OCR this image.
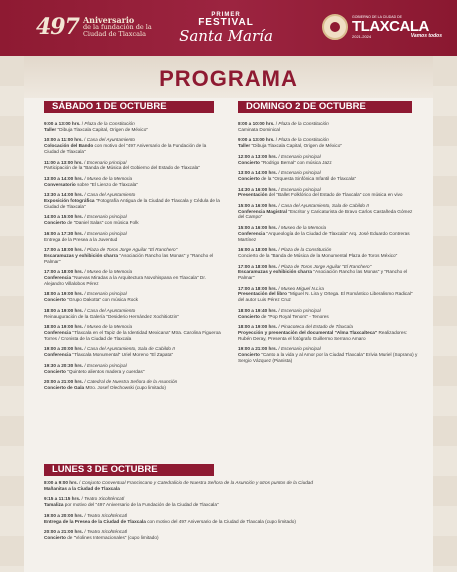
497 Aniversario
de la fundación de la
Ciudad de Tlaxcala
PRIMER
FESTIVAL
Santa María
GOBIERNO DE LA CIUDAD DE
TLAXCALA
2021-2024	Vamos todos
PROGRAMA
SÁBADO 1 DE OCTUBRE	DOMINGO 2 DE OCTUBRE
LUNES 3 DE OCTUBRE
9:00 a 13:00 hrs. / Plaza de la Constitución
Taller "Dibuja Tlaxcala Capital, Origen de México"
10:00 a 11:00 hrs. / Casa del Ayuntamiento
Colocación del Bando con motivo del "497 Aniversario de la Fundación de la Ciudad de Tlaxcala"
11:00 a 13:00 hrs. / Escenario principal
Participación de la "Banda de Música del Gobierno del Estado de Tlaxcala"
13:00 a 14:00 hrs. / Museo de la Memoria
Conversatorio sobre "El Lienzo de Tlaxcala"
13:30 a 14:00 hrs. / Casa del Ayuntamiento
Exposición fotográfica "Fotografía Antigua de la Ciudad de Tlaxcala y Cédula de la Ciudad de Tlaxcala"
14:00 a 15:00 hrs. / Escenario principal
Concierto de "Daniel Salas" con música Folk
16:00 a 17:30 hrs. / Escenario principal
Entrega de la Presea a la Juventud
17:00 a 18:00 hrs. / Plaza de Toros Jorge Aguilar "El Ranchero"
Escaramuzas y exhibición charra "Asociación Rancho las Monas" y "Rancho el Palmar"
17:00 a 18:00 hrs. / Museo de la Memoria
Conferencia "Nuevas Miradas a la Arquitectura Novohispana en Tlaxcala" Dr. Alejandro Villalobos Pérez
18:00 a 19:00 hrs. / Escenario principal
Concierto "Grupo Dakotta" con música Rock
18:00 a 19:00 hrs. / Casa del Ayuntamiento
Reinauguración de la Galería "Desiderio Hernández Xochitiotzin"
18:00 a 19:00 hrs. / Museo de la Memoria
Conferencia "Tlaxcala en el Tapiz de la Identidad Mexicana" Mtra. Carolina Figueroa Torres / Cronista de la Ciudad de Tlaxcala
19:00 a 20:00 hrs. / Casa del Ayuntamiento, Sala de Cabildo II
Conferencia "Tlaxcala Monumental" Uriel Moreno "El Zapata"
19:30 a 20:30 hrs. / Escenario principal
Concierto "Quinteto alientos madera y cuerdas"
20:00 a 21:00 hrs. / Catedral de Nuestra Señora de la Asunción
Concierto de Gala Mtro. Josef Olechowski (cupo limitado)
8:00 a 10:00 hrs. / Plaza de la Constitución
Caminata Dominical
9:00 a 13:00 hrs. / Plaza de la Constitución
Taller "Dibuja Tlaxcala Capital, Origen de México"
12:00 a 13:00 hrs. / Escenario principal
Concierto "Rodrigo Bernal" con música Jazz
13:00 a 14:00 hrs. / Escenario principal
Concierto de la "Orquesta Sinfónica Infantil de Tlaxcala"
14:30 a 16:00 hrs. / Escenario principal
Presentación del "Ballet Folklórico del Estado de Tlaxcala" con música en vivo
15:00 a 16:00 hrs. / Casa del Ayuntamiento, Sala de Cabildo II
Conferencia Magistral "Escritor y Caricaturista de Bravo Carlos Castañeda Gómez del Campo"
15:00 a 16:00 hrs. / Museo de la Memoria
Conferencia "Arqueología de la Ciudad de Tlaxcala" Arq. José Eduardo Contreras Martínez
16:00 a 18:00 hrs. / Plaza de la Constitución
Concierto de la "Banda de Música de la Monumental Plaza de Toros México"
17:00 a 18:00 hrs. / Plaza de Toros Jorge Aguilar "El Ranchero"
Escaramuzas y exhibición charra "Asociación Rancho las Monas" y "Rancho el Palmar"
17:00 a 18:00 hrs. / Museo Miguel N.Lira
Presentación del libro "Miguel N. Lira y Ortega. El Romántico Liberalismo Radical" del autor Luis Pérez Cruz
18:00 a 19:40 hrs. / Escenario principal
Concierto de "Pop Royal Tenors" - Tenores
18:00 a 19:00 hrs. / Pinacoteca del Estado de Tlaxcala
Proyección y presentación del documental "Alma Tlaxcalteca" Realizadores: Rubén Deray, Presenta el fotógrafo Guillermo Serrano Amaro
19:00 a 21:00 hrs. / Escenario principal
Concierto "Canto a la vida y al Amor por la Ciudad Tlaxcala" Erivia Muriel (Soprano) y Sergio Vázquez (Pianista)
8:00 a 9:00 hrs. / Conjunto Conventual Franciscano y Catedralicio de Nuestra Señora de la Asunción y otros puntos de la Ciudad
Mañanitas a la Ciudad de Tlaxcala
9:15 a 11:15 hrs. / Teatro Xicohténcatl
Tamaliza por motivo del "497 Aniversario de la Fundación de la Ciudad de Tlaxcala"
19:00 a 20:00 hrs. / Teatro Xicohténcatl
Entrega de la Presea de la Ciudad de Tlaxcala con motivo del 497 Aniversario de la Ciudad de Tlaxcala (cupo limitado)
20:00 a 21:00 hrs. / Teatro Xicohténcatl
Concierto de "Violines Internacionales" (cupo limitado)
